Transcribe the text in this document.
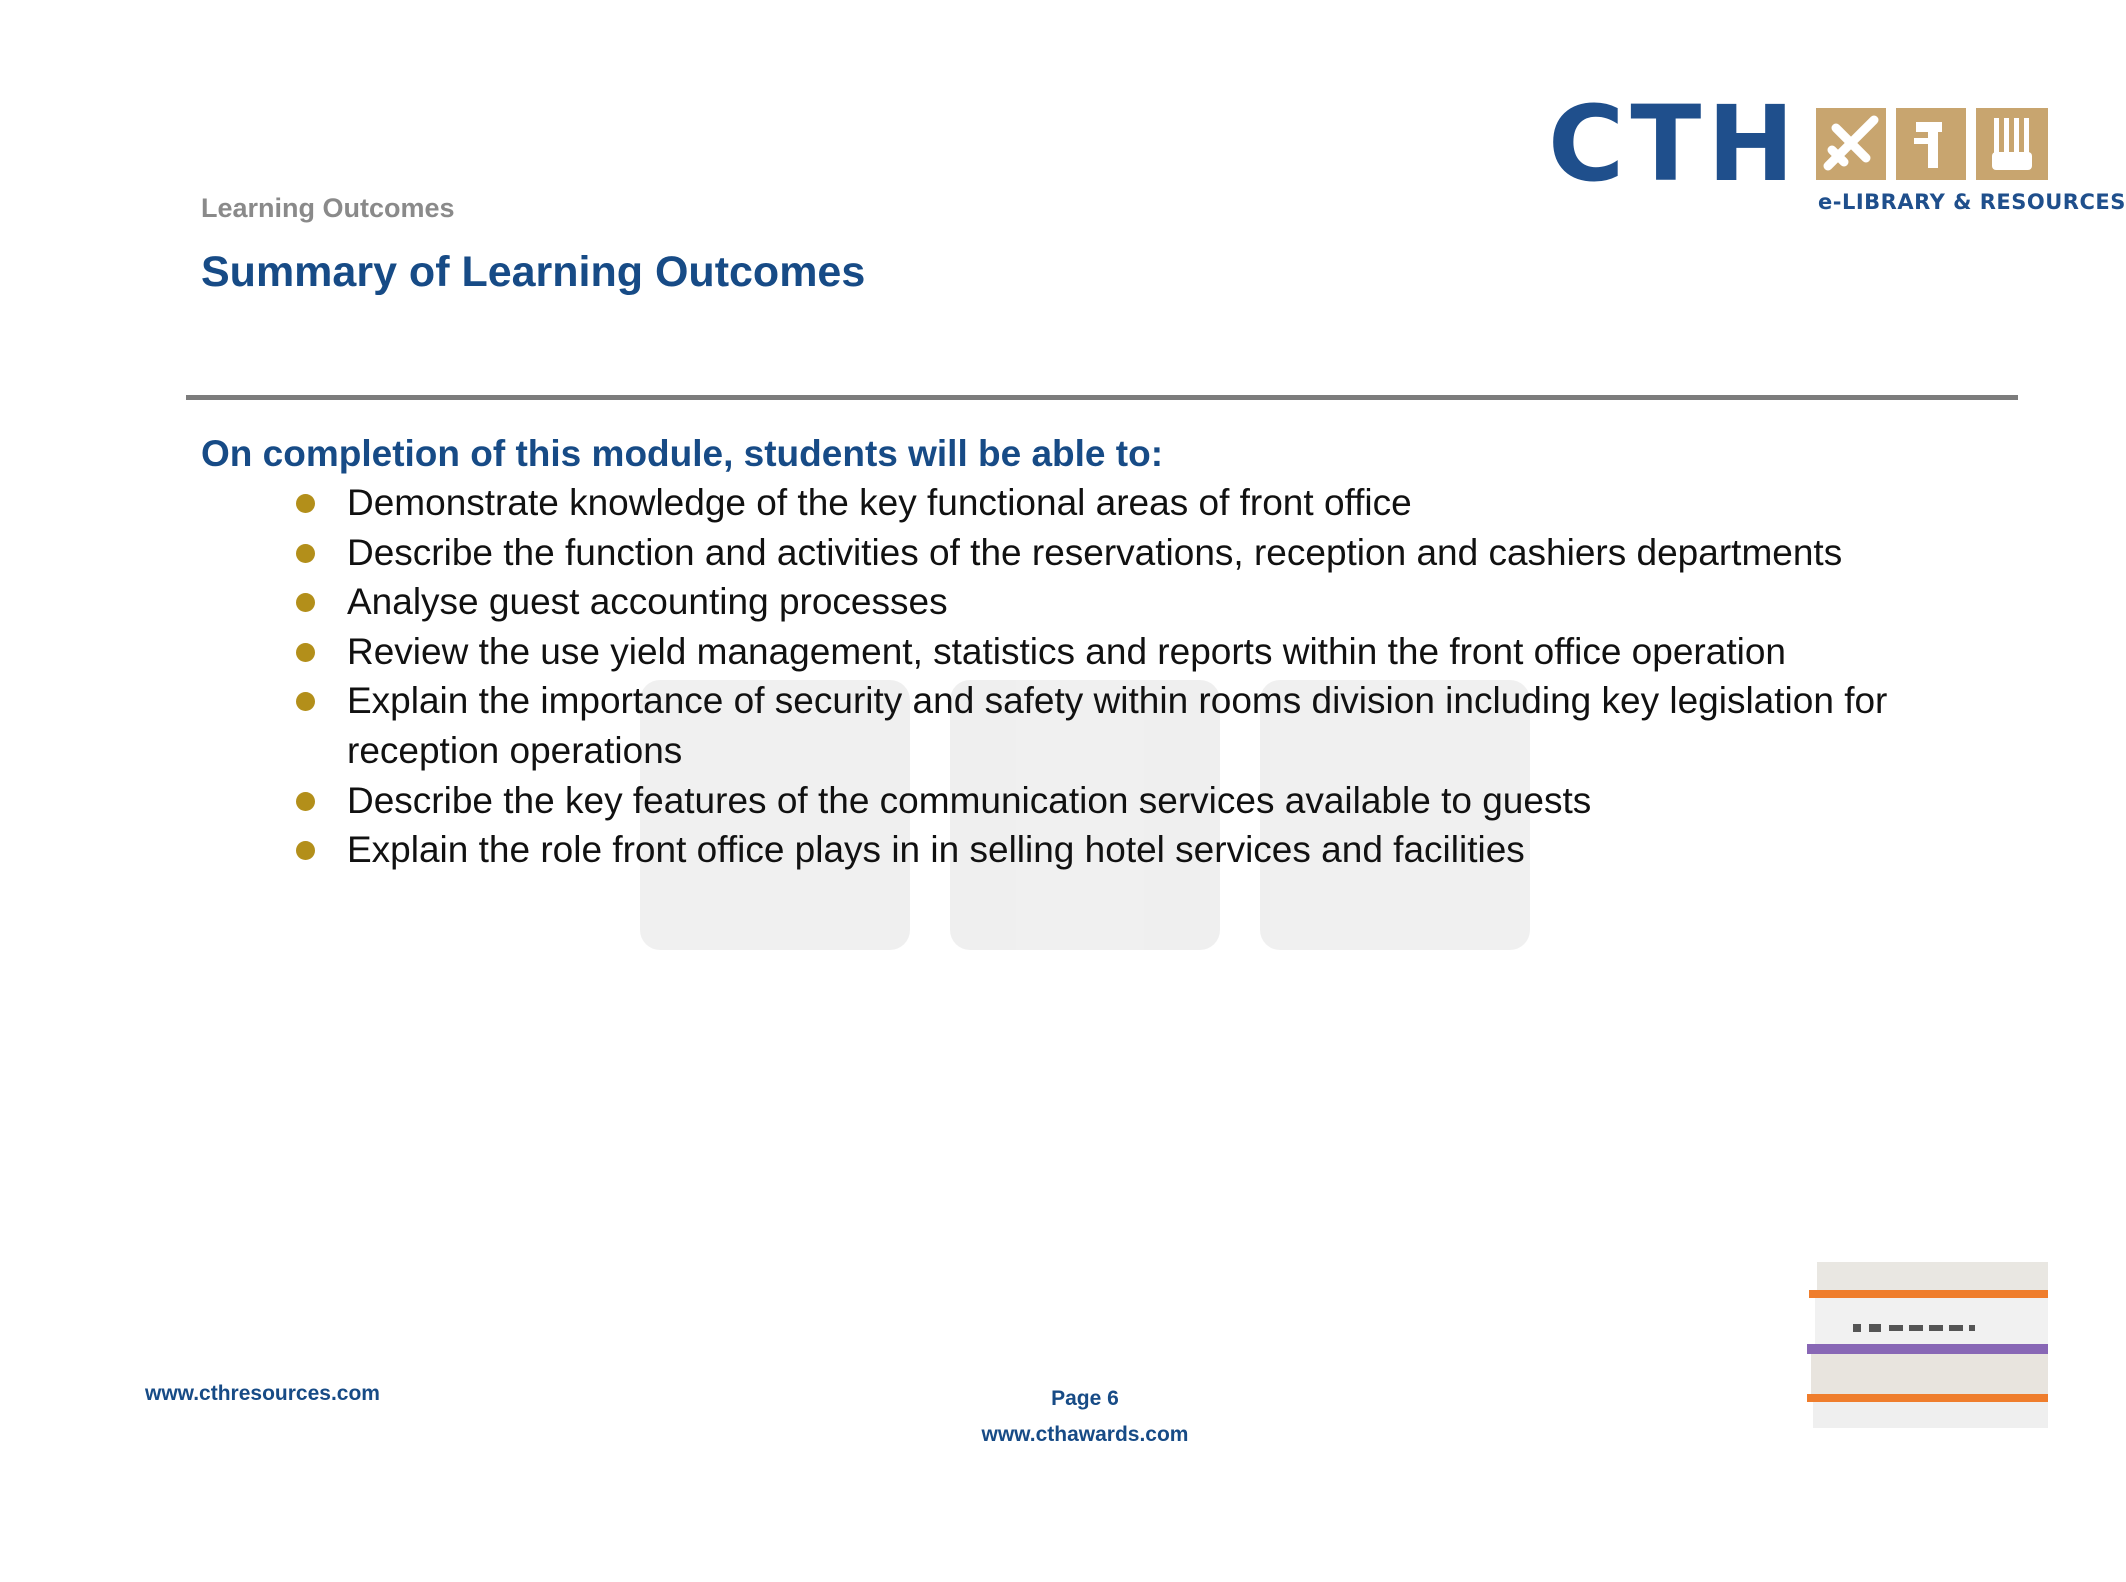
CTH e-LIBRARY & RESOURCES
Learning Outcomes
Summary of Learning Outcomes
On completion of this module, students will be able to:
Demonstrate knowledge of the key functional areas of front office
Describe the function and activities of the reservations, reception and cashiers departments
Analyse guest accounting processes
Review the use yield management, statistics and reports within the front office operation
Explain the importance of security and safety within rooms division including key legislation for reception operations
Describe the key features of the communication services available to guests
Explain the role front office plays in in selling hotel services and facilities
www.cthresources.com	Page 6
www.cthawards.com
